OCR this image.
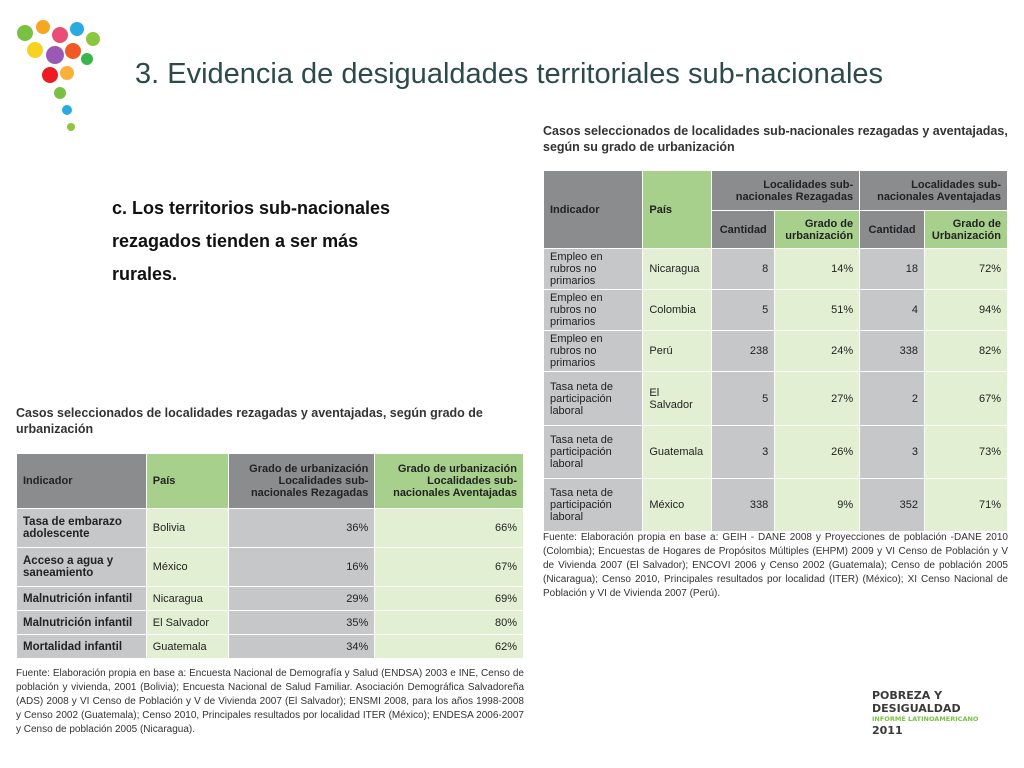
3. Evidencia de desigualdades territoriales sub-nacionales
c. Los territorios sub-nacionales rezagados tienden a ser más rurales.
Casos seleccionados de localidades sub-nacionales rezagadas y aventajadas, según su grado de urbanización
Indicador	País	Localidades sub-nacionales Rezagadas		Localidades sub-nacionales Aventajadas	
		Cantidad	Grado de urbanización	Cantidad	Grado de Urbanización
Empleo en rubros no primarios	Nicaragua	8	14%	18	72%
Empleo en rubros no primarios	Colombia	5	51%	4	94%
Empleo en rubros no primarios	Perú	238	24%	338	82%
Tasa neta de participación laboral	El Salvador	5	27%	2	67%
Tasa neta de participación laboral	Guatemala	3	26%	3	73%
Tasa neta de participación laboral	México	338	9%	352	71%
Fuente: Elaboración propia en base a: GEIH - DANE 2008 y Proyecciones de población -DANE 2010 (Colombia); Encuestas de Hogares de Propósitos Múltiples (EHPM) 2009 y VI Censo de Población y V de Vivienda 2007 (El Salvador); ENCOVI 2006 y Censo 2002 (Guatemala); Censo de población 2005 (Nicaragua); Censo 2010, Principales resultados por localidad (ITER) (México); XI Censo Nacional de Población y VI de Vivienda 2007 (Perú).
Casos seleccionados de localidades rezagadas y aventajadas, según grado de urbanización
Indicador	País	Grado de urbanización Localidades sub-nacionales Rezagadas	Grado de urbanización Localidades sub-nacionales Aventajadas
Tasa de embarazo adolescente	Bolivia	36%	66%
Acceso a agua y saneamiento	México	16%	67%
Malnutrición infantil	Nicaragua	29%	69%
Malnutrición infantil	El Salvador	35%	80%
Mortalidad infantil	Guatemala	34%	62%
Fuente: Elaboración propia en base a: Encuesta Nacional de Demografía y Salud (ENDSA) 2003 e INE, Censo de población y vivienda, 2001 (Bolivia); Encuesta Nacional de Salud Familiar. Asociación Demográfica Salvadoreña (ADS) 2008 y VI Censo de Población y V de Vivienda 2007 (El Salvador); ENSMI 2008, para los años 1998-2008 y Censo 2002 (Guatemala); Censo 2010, Principales resultados por localidad ITER (México); ENDESA 2006-2007 y Censo de población 2005 (Nicaragua).
POBREZA Y
DESIGUALDAD
INFORME LATINOAMERICANO
2011
